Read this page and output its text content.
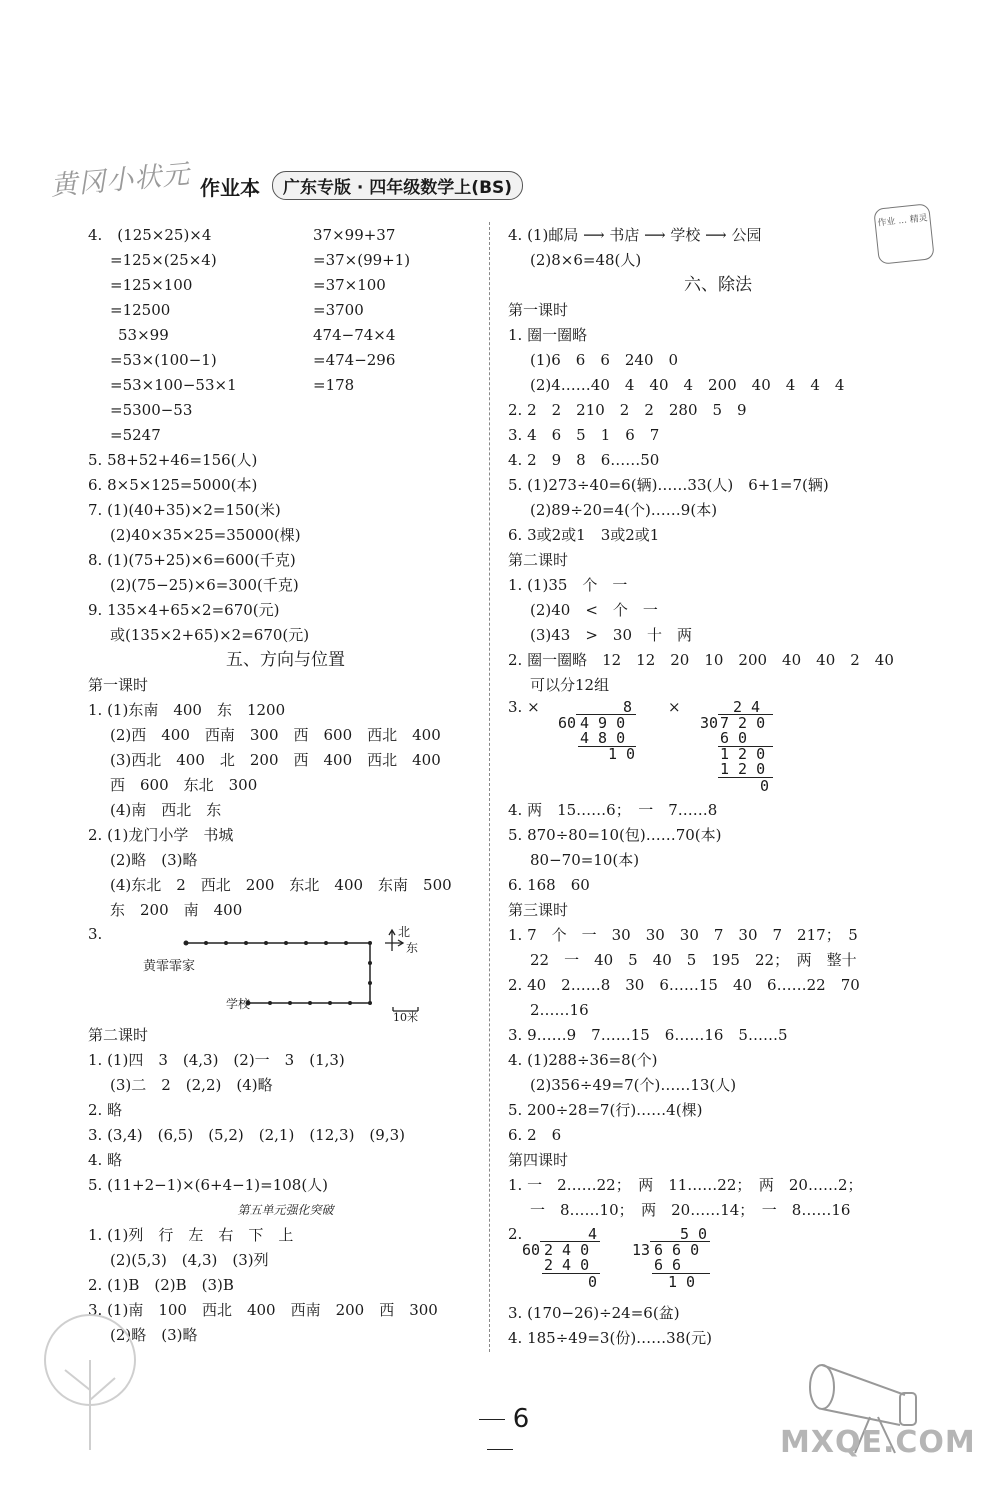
黄冈小状元 作业本	广东专版 · 四年级数学上(BS)
作业 ... 精灵
4.　(125×25)×4	37×99+37
=125×(25×4)	=37×(99+1)
=125×100	=37×100
=12500	=3700
53×99	474−74×4
=53×(100−1)	=474−296
=53×100−53×1	=178
=5300−53
=5247
5. 58+52+46=156(人)
6. 8×5×125=5000(本)
7. (1)(40+35)×2=150(米)
(2)40×35×25=35000(棵)
8. (1)(75+25)×6=600(千克)
(2)(75−25)×6=300(千克)
9. 135×4+65×2=670(元)
或(135×2+65)×2=670(元)
五、方向与位置
第一课时
1. (1)东南　400　东　1200
(2)西　400　西南　300　西　600　西北　400
(3)西北　400　北　200　西　400　西北　400
西　600　东北　300
(4)南　西北　东
2. (1)龙门小学　书城
(2)略　(3)略
(4)东北　2　西北　200　东北　400　东南　500
东　200　南　400
3.
黄霏霏家
学校
北
东
10米
第二课时
1. (1)四　3　(4,3)　(2)一　3　(1,3)
(3)二　2　(2,2)　(4)略
2. 略
3. (3,4)　(6,5)　(5,2)　(2,1)　(12,3)　(9,3)
4. 略
5. (11+2−1)×(6+4−1)=108(人)
第五单元强化突破
1. (1)列　行　左　右　下　上
(2)(5,3)　(4,3)　(3)列
2. (1)B　(2)B　(3)B
3. (1)南　100　西北　400　西南　200　西　300
(2)略　(3)略
4. (1)邮局 ⟶ 书店 ⟶ 学校 ⟶ 公园
(2)8×6=48(人)
六、除法
第一课时
1. 圈一圈略
(1)6　6　6　240　0
(2)4……40　4　40　4　200　40　4　4　4
2. 2　2　210　2　2　280　5　9
3. 4　6　5　1　6　7
4. 2　9　8　6……50
5. (1)273÷40=6(辆)……33(人)　6+1=7(辆)
(2)89÷20=4(个)……9(本)
6. 3或2或1　3或2或1
第二课时
1. (1)35　个　一
(2)40　<　个　一
(3)43　>　30　十　两
2. 圈一圈略　12　12　20　10　200　40　40　2　40
可以分12组
3. ×	×
8
60 4 9 0
4 8 0
1 0
2 4
30 7 2 0
6 0
1 2 0
1 2 0
0
4. 两　15……6；　一　7……8
5. 870÷80=10(包)……70(本)
80−70=10(本)
6. 168　60
第三课时
1. 7　个　一　30　30　30　7　30　7　217；　5
22　一　40　5　40　5　195　22；　两　整十
2. 40　2……8　30　6……15　40　6……22　70
2……16
3. 9……9　7……15　6……16　5……5
4. (1)288÷36=8(个)
(2)356÷49=7(个)……13(人)
5. 200÷28=7(行)……4(棵)
6. 2　6
第四课时
1. 一　2……22；　两　11……22；　两　20……2；
一　8……10；　两　20……14；　一　8……16
2.	4
60 2 4 0
2 4 0
0
5 0
13 6 6 0
6 6
1 0
3. (170−26)÷24=6(盆)
4. 185÷49=3(份)……38(元)
6
MXQE.COM
